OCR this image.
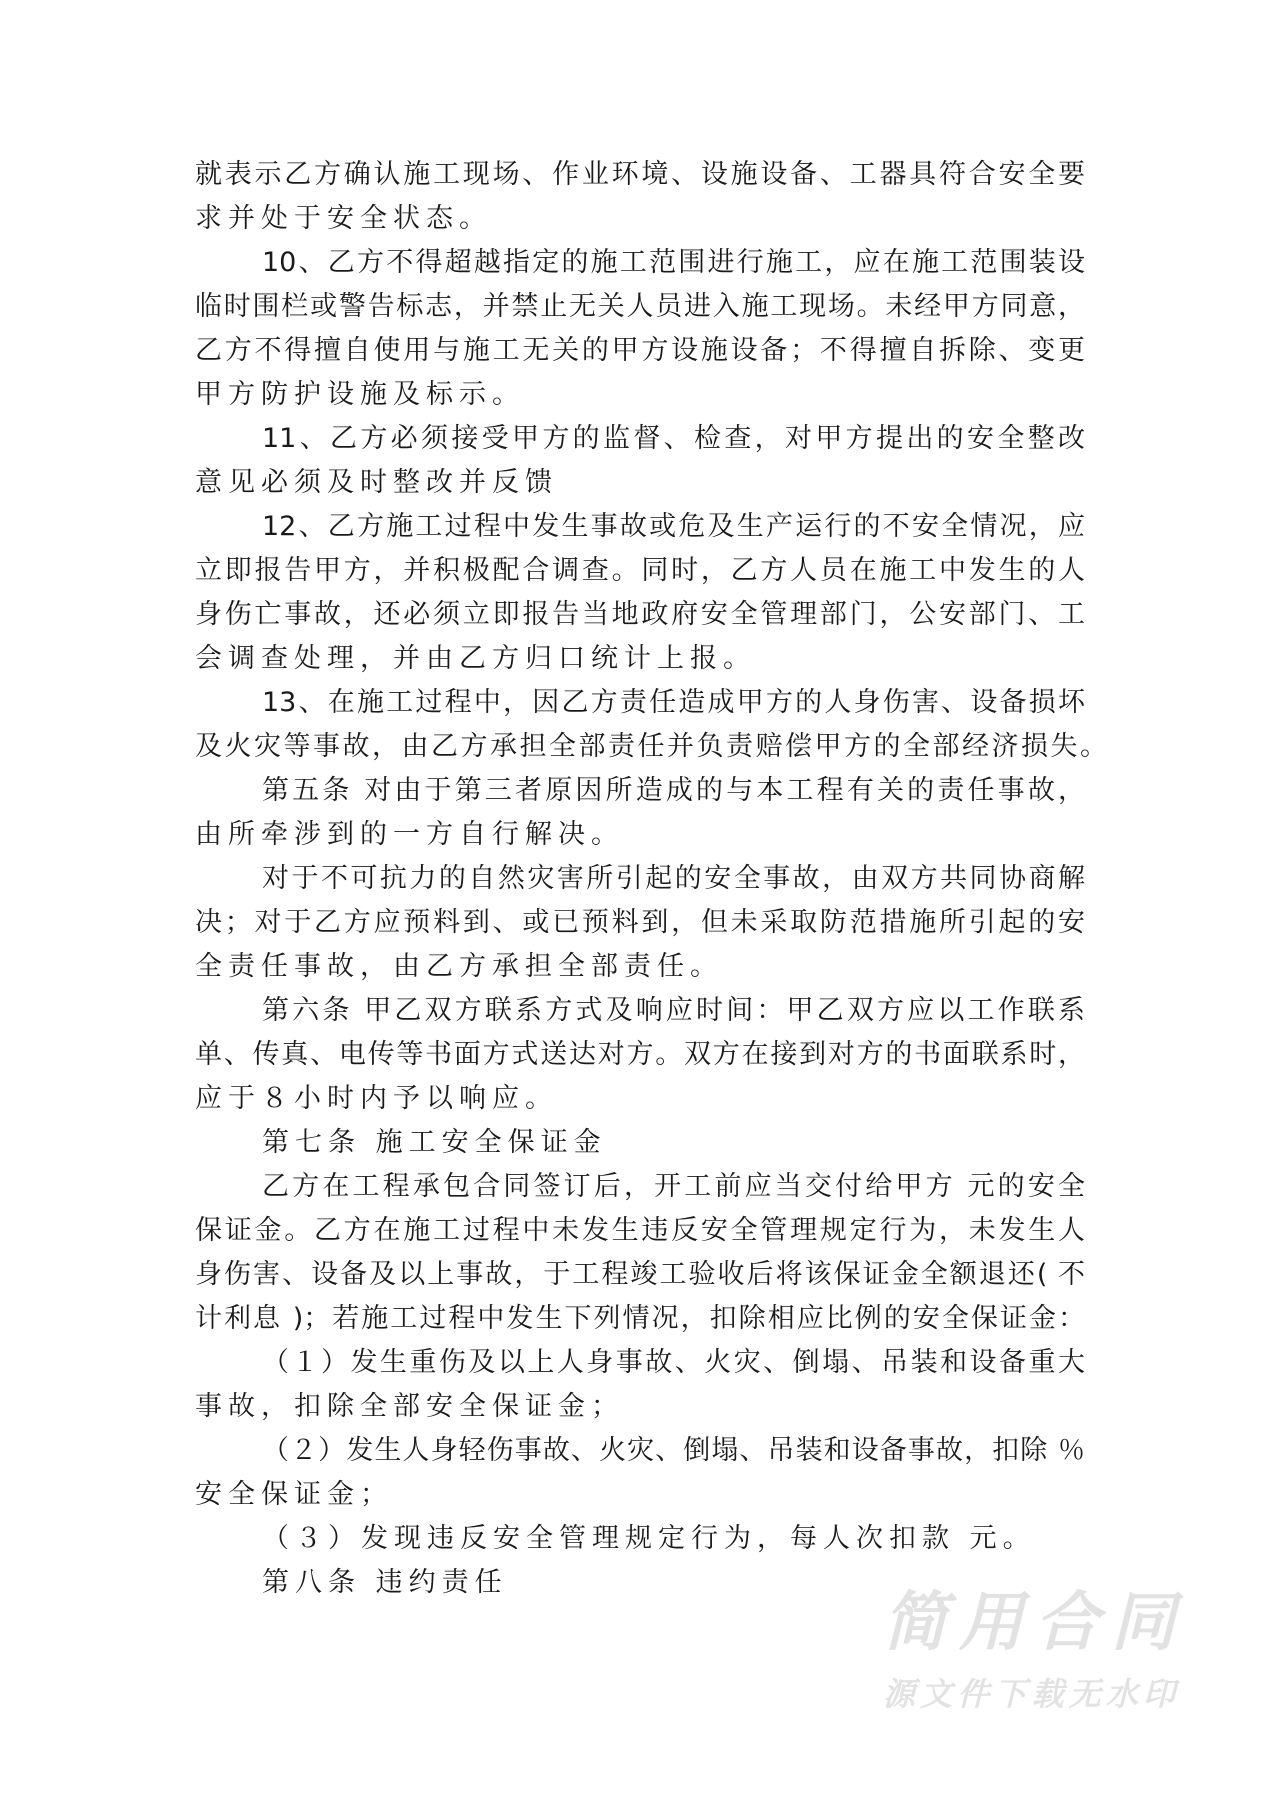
就表示乙方确认施工现场、作业环境、设施设备、工器具符合安全要
求并处于安全状态。
10、乙方不得超越指定的施工范围进行施工，应在施工范围装设
临时围栏或警告标志，并禁止无关人员进入施工现场。未经甲方同意，
乙方不得擅自使用与施工无关的甲方设施设备；不得擅自拆除、变更
甲方防护设施及标示。
11、乙方必须接受甲方的监督、检查，对甲方提出的安全整改
意见必须及时整改并反馈
12、乙方施工过程中发生事故或危及生产运行的不安全情况，应
立即报告甲方，并积极配合调查。同时，乙方人员在施工中发生的人
身伤亡事故，还必须立即报告当地政府安全管理部门，公安部门、工
会调查处理，并由乙方归口统计上报。
13、在施工过程中，因乙方责任造成甲方的人身伤害、设备损坏
及火灾等事故，由乙方承担全部责任并负责赔偿甲方的全部经济损失。
第五条 对由于第三者原因所造成的与本工程有关的责任事故，
由所牵涉到的一方自行解决。
对于不可抗力的自然灾害所引起的安全事故，由双方共同协商解
决；对于乙方应预料到、或已预料到，但未采取防范措施所引起的安
全责任事故，由乙方承担全部责任。
第六条 甲乙双方联系方式及响应时间：甲乙双方应以工作联系
单、传真、电传等书面方式送达对方。双方在接到对方的书面联系时，
应于８小时内予以响应。
第七条 施工安全保证金
乙方在工程承包合同签订后，开工前应当交付给甲方 元的安全
保证金。乙方在施工过程中未发生违反安全管理规定行为，未发生人
身伤害、设备及以上事故，于工程竣工验收后将该保证金全额退还( 不
计利息 )；若施工过程中发生下列情况，扣除相应比例的安全保证金：
（１）发生重伤及以上人身事故、火灾、倒塌、吊装和设备重大
事故，扣除全部安全保证金；
（２）发生人身轻伤事故、火灾、倒塌、吊装和设备事故，扣除 ％
安全保证金；
（３）发现违反安全管理规定行为，每人次扣款 元。
第八条 违约责任
简用合同
源文件下载无水印
